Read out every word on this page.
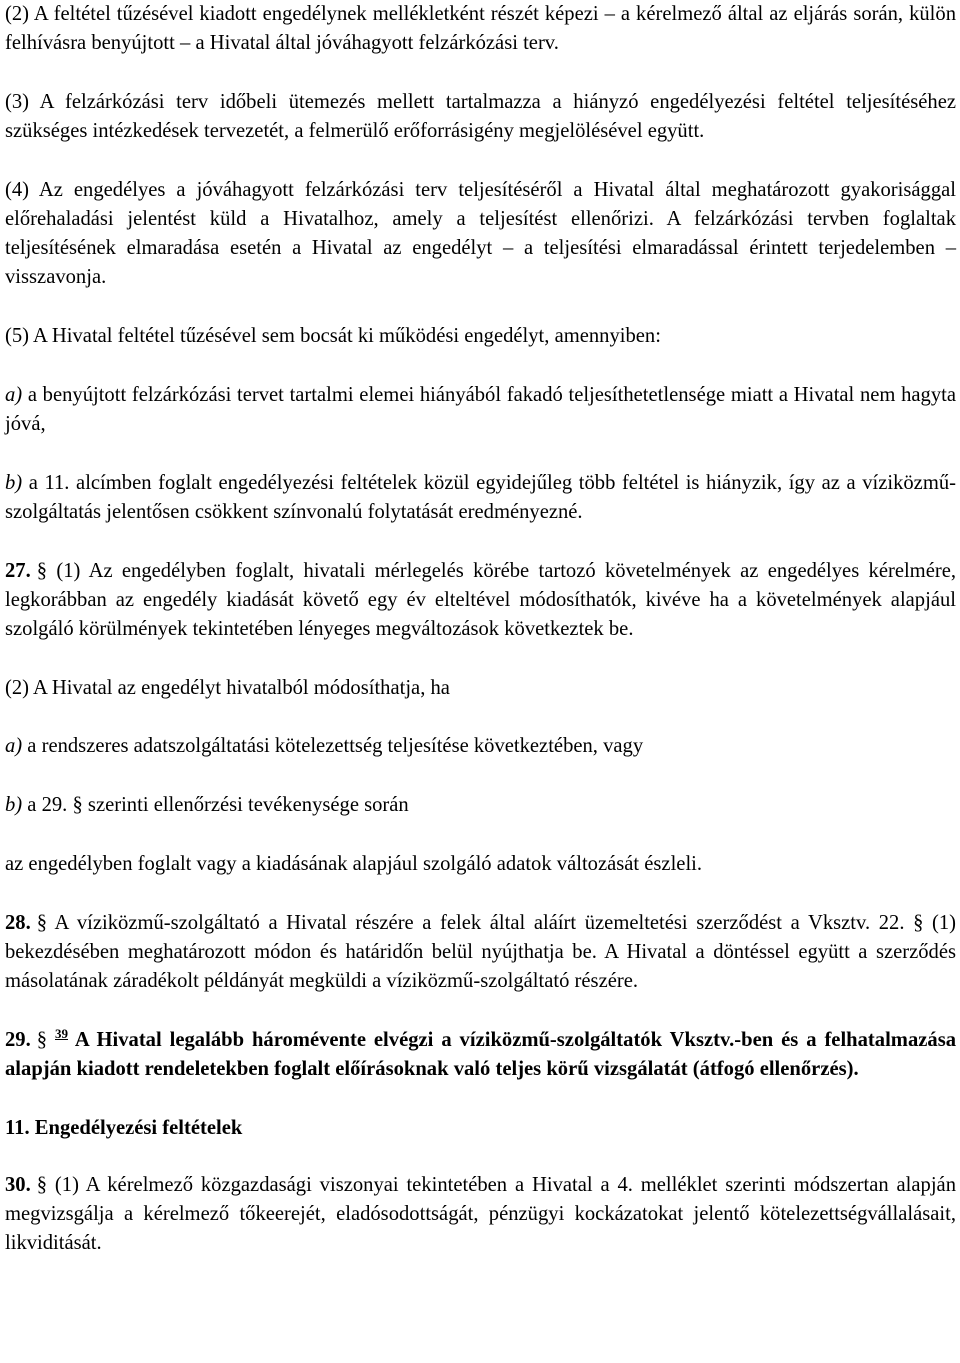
(2) A feltétel tűzésével kiadott engedélynek mellékletként részét képezi – a kérelmező által az eljárás során, külön felhívásra benyújtott – a Hivatal által jóváhagyott felzárkózási terv.

(3) A felzárkózási terv időbeli ütemezés mellett tartalmazza a hiányzó engedélyezési feltétel teljesítéséhez szükséges intézkedések tervezetét, a felmerülő erőforrásigény megjelölésével együtt.

(4) Az engedélyes a jóváhagyott felzárkózási terv teljesítéséről a Hivatal által meghatározott gyakorisággal előrehaladási jelentést küld a Hivatalhoz, amely a teljesítést ellenőrizi. A felzárkózási tervben foglaltak teljesítésének elmaradása esetén a Hivatal az engedélyt – a teljesítési elmaradással érintett terjedelemben – visszavonja.

(5) A Hivatal feltétel tűzésével sem bocsát ki működési engedélyt, amennyiben:

a) a benyújtott felzárkózási tervet tartalmi elemei hiányából fakadó teljesíthetetlensége miatt a Hivatal nem hagyta jóvá,

b) a 11. alcímben foglalt engedélyezési feltételek közül egyidejűleg több feltétel is hiányzik, így az a víziközmű-szolgáltatás jelentősen csökkent színvonalú folytatását eredményezné.

27. § (1) Az engedélyben foglalt, hivatali mérlegelés körébe tartozó követelmények az engedélyes kérelmére, legkorábban az engedély kiadását követő egy év elteltével módosíthatók, kivéve ha a követelmények alapjául szolgáló körülmények tekintetében lényeges megváltozások következtek be.

(2) A Hivatal az engedélyt hivatalból módosíthatja, ha

a) a rendszeres adatszolgáltatási kötelezettség teljesítése következtében, vagy

b) a 29. § szerinti ellenőrzési tevékenysége során

az engedélyben foglalt vagy a kiadásának alapjául szolgáló adatok változását észleli.

28. § A víziközmű-szolgáltató a Hivatal részére a felek által aláírt üzemeltetési szerződést a Vksztv. 22. § (1) bekezdésében meghatározott módon és határidőn belül nyújthatja be. A Hivatal a döntéssel együtt a szerződés másolatának záradékolt példányát megküldi a víziközmű-szolgáltató részére.

29. § $^{39}$ A Hivatal legalább háromévente elvégzi a víziközmű-szolgáltatók Vksztv.-ben és a felhatalmazása alapján kiadott rendeletekben foglalt előírásoknak való teljes körű vizsgálatát (átfogó ellenőrzés).

11. Engedélyezési feltételek

30. § (1) A kérelmező közgazdasági viszonyai tekintetében a Hivatal a 4. melléklet szerinti módszertan alapján megvizsgálja a kérelmező tőkeerejét, eladósodottságát, pénzügyi kockázatokat jelentő kötelezettségvállalásait, likviditását.
